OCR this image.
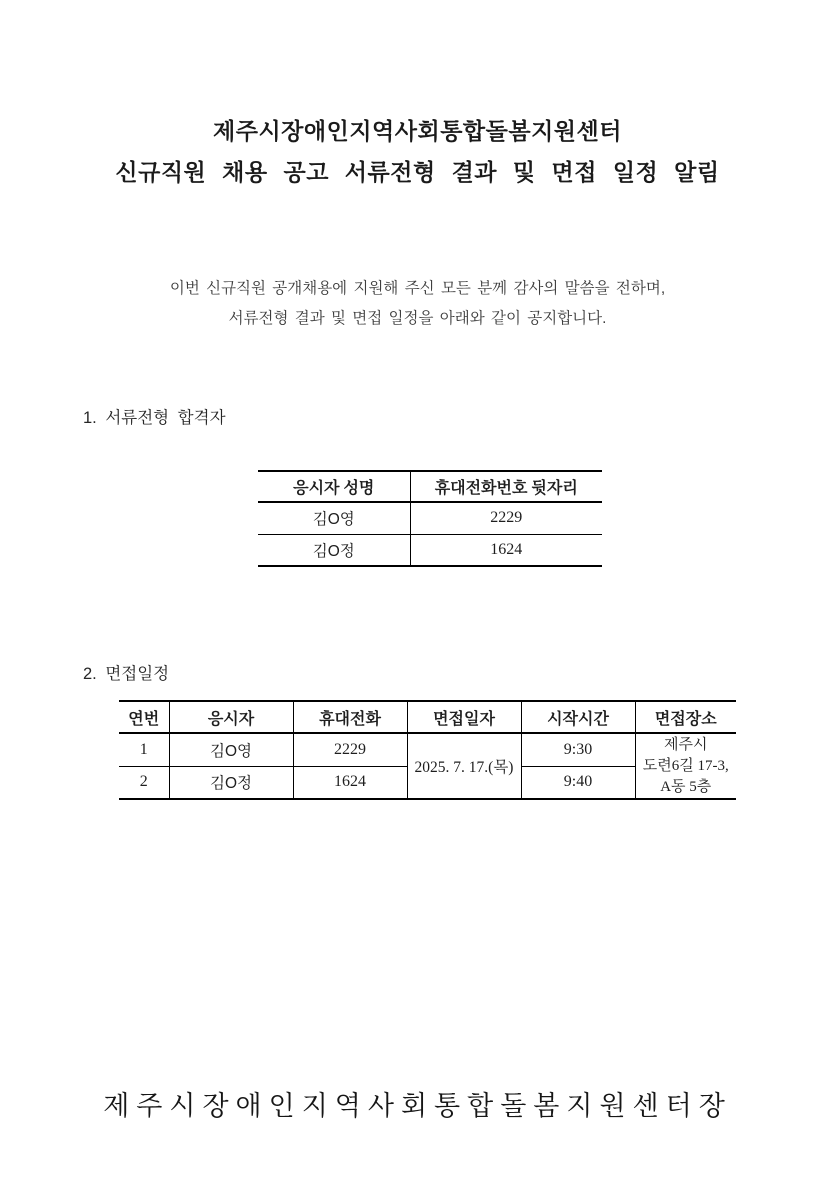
제주시장애인지역사회통합돌봄지원센터
신규직원 채용 공고 서류전형 결과 및 면접 일정 알림
이번 신규직원 공개채용에 지원해 주신 모든 분께 감사의 말씀을 전하며,
서류전형 결과 및 면접 일정을 아래와 같이 공지합니다.
1. 서류전형 합격자
응시자 성명	휴대전화번호 뒷자리
김O영	2229
김O정	1624
2. 면접일정
연번	응시자	휴대전화	면접일자	시작시간	면접장소
1	김O영	2229	2025. 7. 17.(목)	9:30	제주시
도련6길 17-3,
A동 5층

2	김O정	1624		9:40	
제주시장애인지역사회통합돌봄지원센터장
